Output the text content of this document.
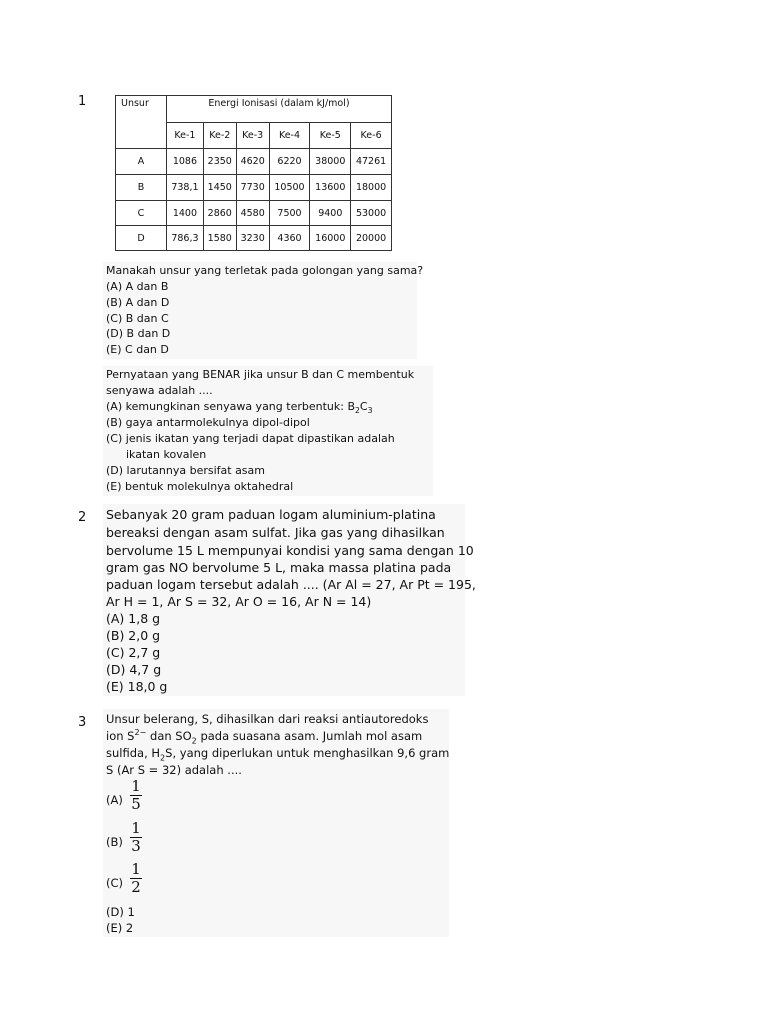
1	Unsur	Energi Ionisasi (dalam kJ/mol)					
	Ke-1	Ke-2	Ke-3	Ke-4	Ke-5	Ke-6
A	1086	2350	4620	6220	38000	47261
B	738,1	1450	7730	10500	13600	18000
C	1400	2860	4580	7500	9400	53000
D	786,3	1580	3230	4360	16000	20000
Manakah unsur yang terletak pada golongan yang sama?
(A) A dan B
(B) A dan D
(C) B dan C
(D) B dan D
(E) C dan D
Pernyataan yang BENAR jika unsur B dan C membentuk
senyawa adalah ....
(A) kemungkinan senyawa yang terbentuk: $B_2C_3$
(B) gaya antarmolekulnya dipol-dipol
(C) jenis ikatan yang terjadi dapat dipastikan adalah
ikatan kovalen
(D) larutannya bersifat asam
(E) bentuk molekulnya oktahedral
2 Sebanyak 20 gram paduan logam aluminium-platina
bereaksi dengan asam sulfat. Jika gas yang dihasilkan
bervolume 15 L mempunyai kondisi yang sama dengan 10
gram gas NO bervolume 5 L, maka massa platina pada
paduan logam tersebut adalah .... (Ar Al = 27, Ar Pt = 195,
Ar H = 1, Ar S = 32, Ar O = 16, Ar N = 14)
(A) 1,8 g
(B) 2,0 g
(C) 2,7 g
(D) 4,7 g
(E) 18,0 g
3 Unsur belerang, S, dihasilkan dari reaksi antiautoredoks
ion $S^{2-}$ dan $SO_2$ pada suasana asam. Jumlah mol asam
sulfida, $H_2S$, yang diperlukan untuk menghasilkan 9,6 gram
S (Ar S = 32) adalah ....
(A)
1
5
(B)
1
3
(C)
1
2
(D) 1
(E) 2
